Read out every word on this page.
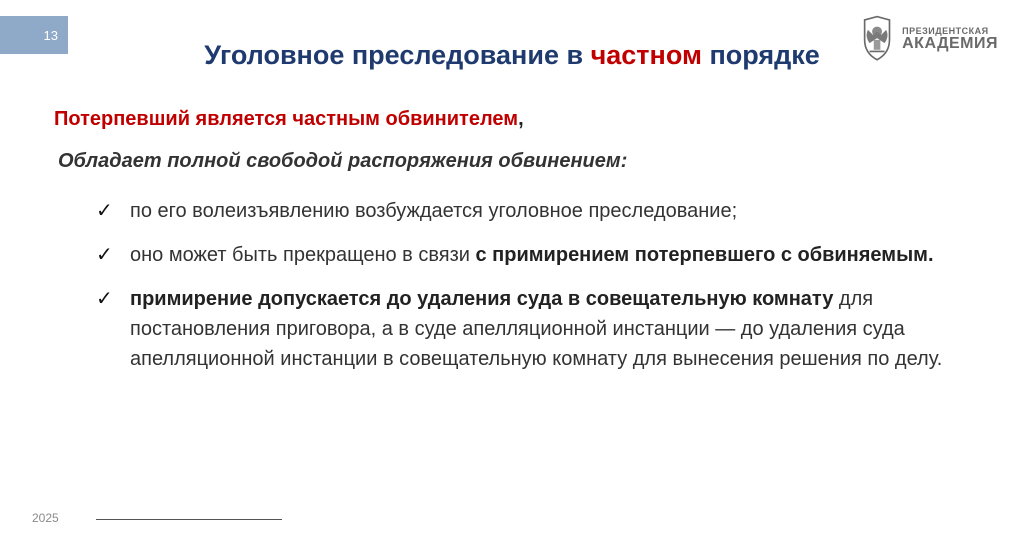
13
Уголовное преследование в частном порядке
ПРЕЗИДЕНТСКАЯ
АКАДЕМИЯ
Потерпевший является частным обвинителем,
Обладает полной свободой распоряжения обвинением:
✓ по его волеизъявлению возбуждается уголовное преследование;
✓ оно может быть прекращено в связи с примирением потерпевшего с обвиняемым.
✓ примирение допускается до удаления суда в совещательную комнату для постановления приговора, а в суде апелляционной инстанции — до удаления суда апелляционной инстанции в совещательную комнату для вынесения решения по делу.
2025
